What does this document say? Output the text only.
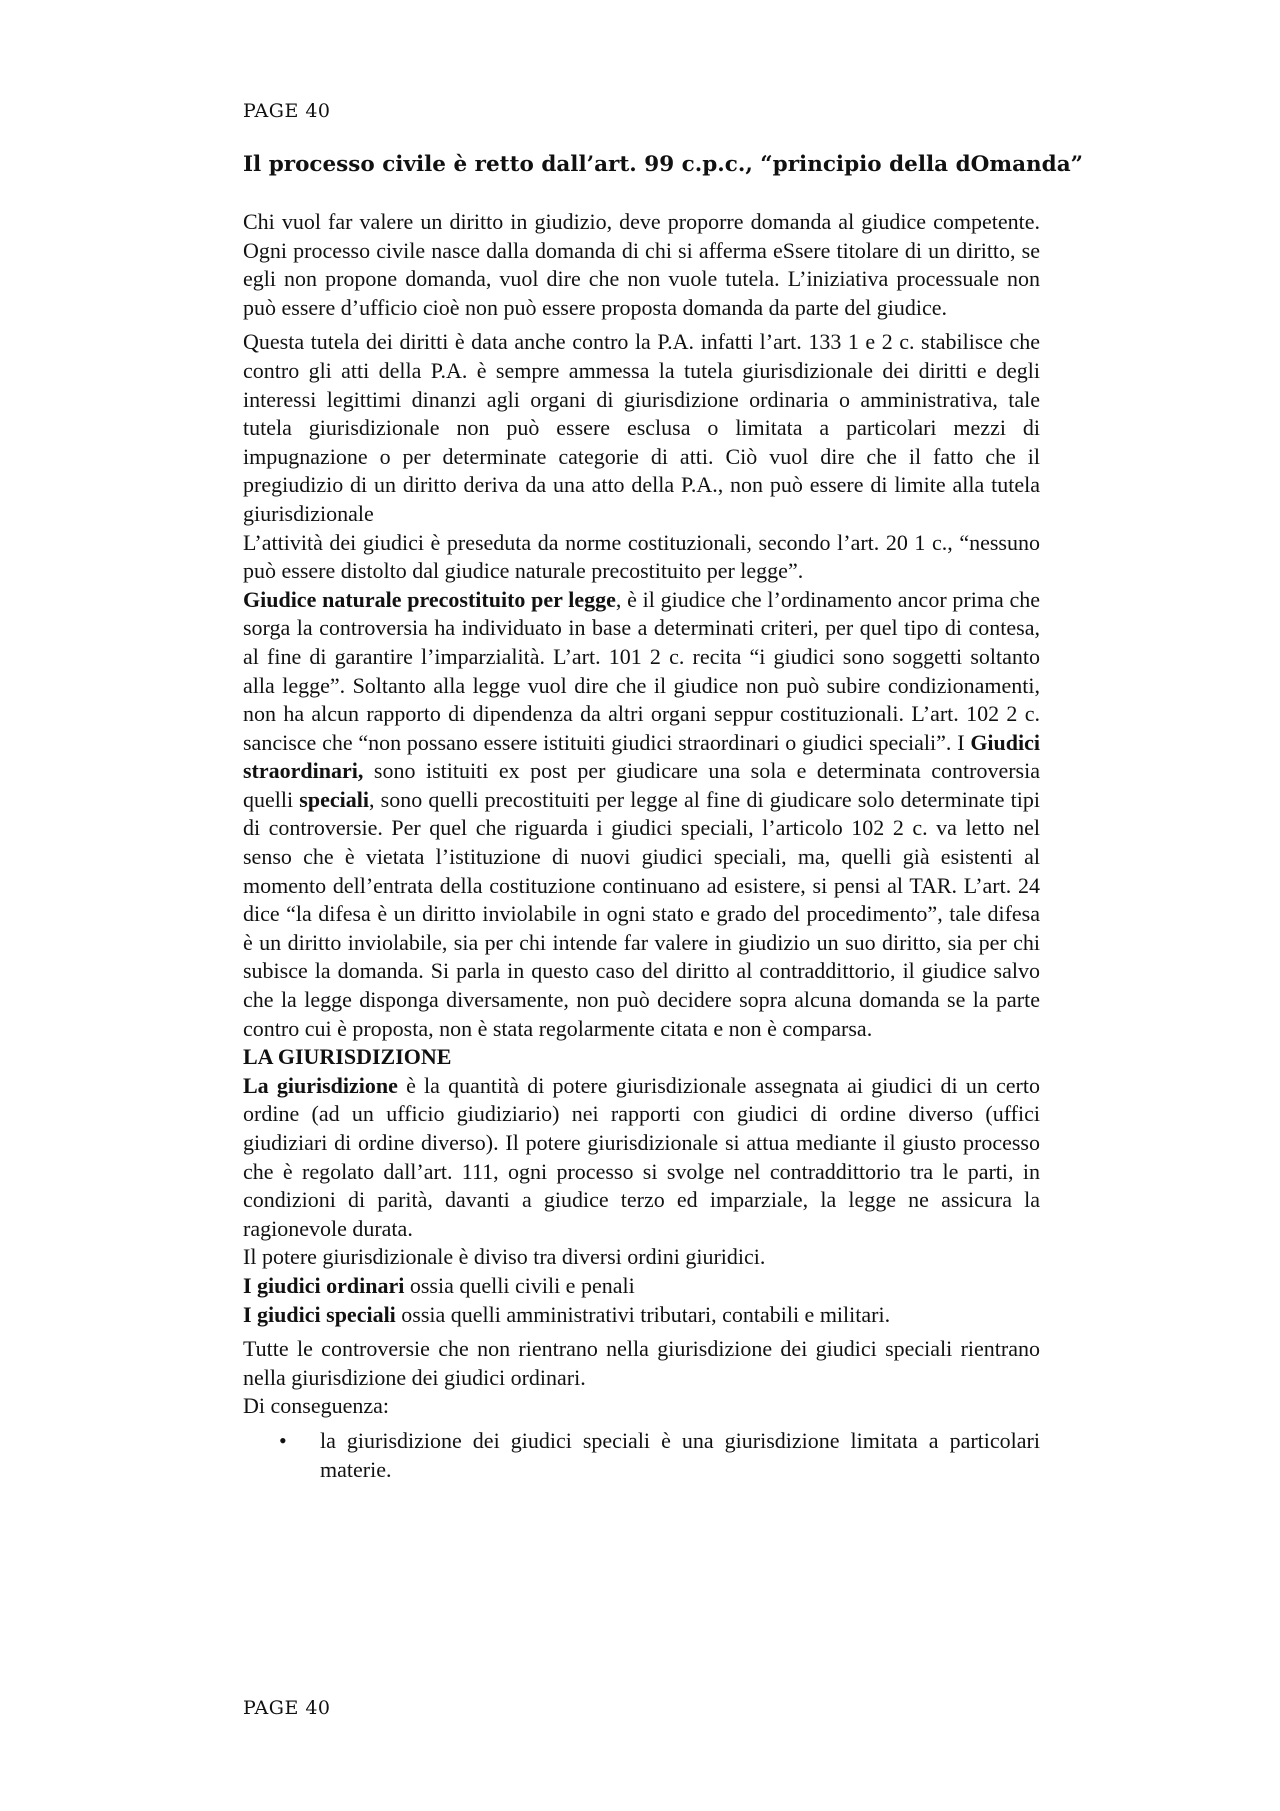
PAGE 40
Il processo civile è retto dall’art. 99 c.p.c., “principio della dOmanda”

Chi vuol far valere un diritto in giudizio, deve proporre domanda al giudice competente. Ogni processo civile nasce dalla domanda di chi si afferma eSsere titolare di un diritto, se egli non propone domanda, vuol dire che non vuole tutela. L’iniziativa processuale non può essere d’ufficio cioè non può essere proposta domanda da parte del giudice.

Questa tutela dei diritti è data anche contro la P.A. infatti l’art. 133 1 e 2 c. stabilisce che contro gli atti della P.A. è sempre ammessa la tutela giurisdizionale dei diritti e degli interessi legittimi dinanzi agli organi di giurisdizione ordinaria o amministrativa, tale tutela giurisdizionale non può essere esclusa o limitata a particolari mezzi di impugnazione o per determinate categorie di atti. Ciò vuol dire che il fatto che il pregiudizio di un diritto deriva da una atto della P.A., non può essere di limite alla tutela giurisdizionale

L’attività dei giudici è preseduta da norme costituzionali, secondo l’art. 20 1 c., “nessuno può essere distolto dal giudice naturale precostituito per legge”.

Giudice naturale precostituito per legge, è il giudice che l’ordinamento ancor prima che sorga la controversia ha individuato in base a determinati criteri, per quel tipo di contesa, al fine di garantire l’imparzialità. L’art. 101 2 c. recita “i giudici sono soggetti soltanto alla legge”. Soltanto alla legge vuol dire che il giudice non può subire condizionamenti, non ha alcun rapporto di dipendenza da altri organi seppur costituzionali. L’art. 102 2 c. sancisce che “non possano essere istituiti giudici straordinari o giudici speciali”. I Giudici straordinari, sono istituiti ex post per giudicare una sola e determinata controversia quelli speciali, sono quelli precostituiti per legge al fine di giudicare solo determinate tipi di controversie. Per quel che riguarda i giudici speciali, l’articolo 102 2 c. va letto nel senso che è vietata l’istituzione di nuovi giudici speciali, ma, quelli già esistenti al momento dell’entrata della costituzione continuano ad esistere, si pensi al TAR. L’art. 24 dice “la difesa è un diritto inviolabile in ogni stato e grado del procedimento”, tale difesa è un diritto inviolabile, sia per chi intende far valere in giudizio un suo diritto, sia per chi subisce la domanda. Si parla in questo caso del diritto al contraddittorio, il giudice salvo che la legge disponga diversamente, non può decidere sopra alcuna domanda se la parte contro cui è proposta, non è stata regolarmente citata e non è comparsa.

LA GIURISDIZIONE

La giurisdizione è la quantità di potere giurisdizionale assegnata ai giudici di un certo ordine (ad un ufficio giudiziario) nei rapporti con giudici di ordine diverso (uffici giudiziari di ordine diverso). Il potere giurisdizionale si attua mediante il giusto processo che è regolato dall’art. 111, ogni processo si svolge nel contraddittorio tra le parti, in condizioni di parità, davanti a giudice terzo ed imparziale, la legge ne assicura la ragionevole durata.

Il potere giurisdizionale è diviso tra diversi ordini giuridici.

I giudici ordinari ossia quelli civili e penali

I giudici speciali ossia quelli amministrativi tributari, contabili e militari.

Tutte le controversie che non rientrano nella giurisdizione dei giudici speciali rientrano nella giurisdizione dei giudici ordinari.

Di conseguenza:

• la giurisdizione dei giudici speciali è una giurisdizione limitata a particolari materie.
PAGE 40
